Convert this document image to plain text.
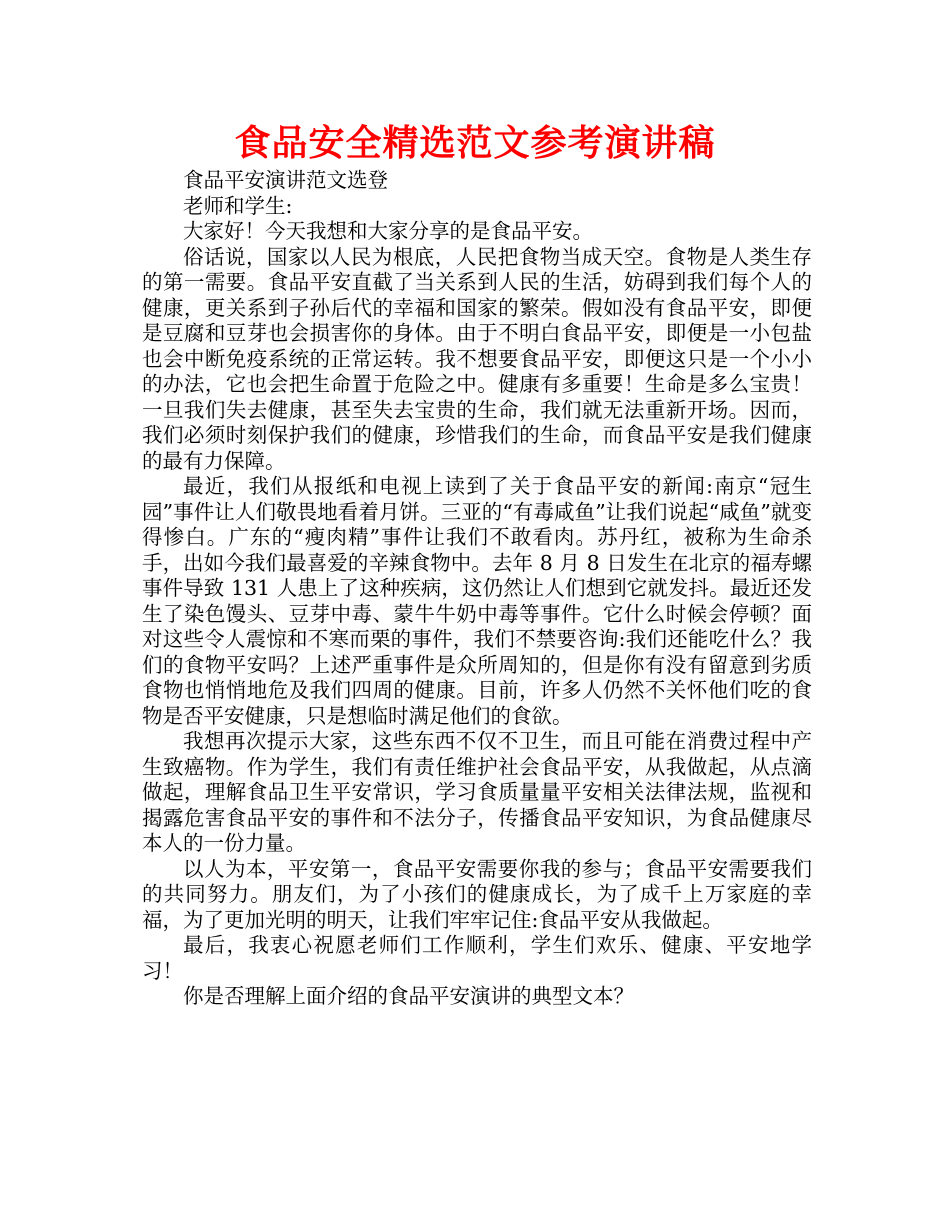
食品安全精选范文参考演讲稿

食品平安演讲范文选登

老师和学生:

大家好！今天我想和大家分享的是食品平安。

俗话说，国家以人民为根底，人民把食物当成天空。食物是人类生存的第一需要。食品平安直截了当关系到人民的生活，妨碍到我们每个人的健康，更关系到子孙后代的幸福和国家的繁荣。假如没有食品平安，即便是豆腐和豆芽也会损害你的身体。由于不明白食品平安，即便是一小包盐也会中断免疫系统的正常运转。我不想要食品平安，即便这只是一个小小的办法，它也会把生命置于危险之中。健康有多重要！生命是多么宝贵！一旦我们失去健康，甚至失去宝贵的生命，我们就无法重新开场。因而，我们必须时刻保护我们的健康，珍惜我们的生命，而食品平安是我们健康的最有力保障。

最近，我们从报纸和电视上读到了关于食品平安的新闻:南京“冠生园”事件让人们敬畏地看着月饼。三亚的“有毒咸鱼”让我们说起“咸鱼”就变得惨白。广东的“瘦肉精”事件让我们不敢看肉。苏丹红，被称为生命杀手，出如今我们最喜爱的辛辣食物中。去年 8 月 8 日发生在北京的福寿螺事件导致 131 人患上了这种疾病，这仍然让人们想到它就发抖。最近还发生了染色馒头、豆芽中毒、蒙牛牛奶中毒等事件。它什么时候会停顿？面对这些令人震惊和不寒而栗的事件，我们不禁要咨询:我们还能吃什么？我们的食物平安吗？上述严重事件是众所周知的，但是你有没有留意到劣质食物也悄悄地危及我们四周的健康。目前，许多人仍然不关怀他们吃的食物是否平安健康，只是想临时满足他们的食欲。

我想再次提示大家，这些东西不仅不卫生，而且可能在消费过程中产生致癌物。作为学生，我们有责任维护社会食品平安，从我做起，从点滴做起，理解食品卫生平安常识，学习食质量量平安相关法律法规，监视和揭露危害食品平安的事件和不法分子，传播食品平安知识，为食品健康尽本人的一份力量。

以人为本，平安第一，食品平安需要你我的参与；食品平安需要我们的共同努力。朋友们，为了小孩们的健康成长，为了成千上万家庭的幸福，为了更加光明的明天，让我们牢牢记住:食品平安从我做起。

最后，我衷心祝愿老师们工作顺利，学生们欢乐、健康、平安地学习！

你是否理解上面介绍的食品平安演讲的典型文本？
